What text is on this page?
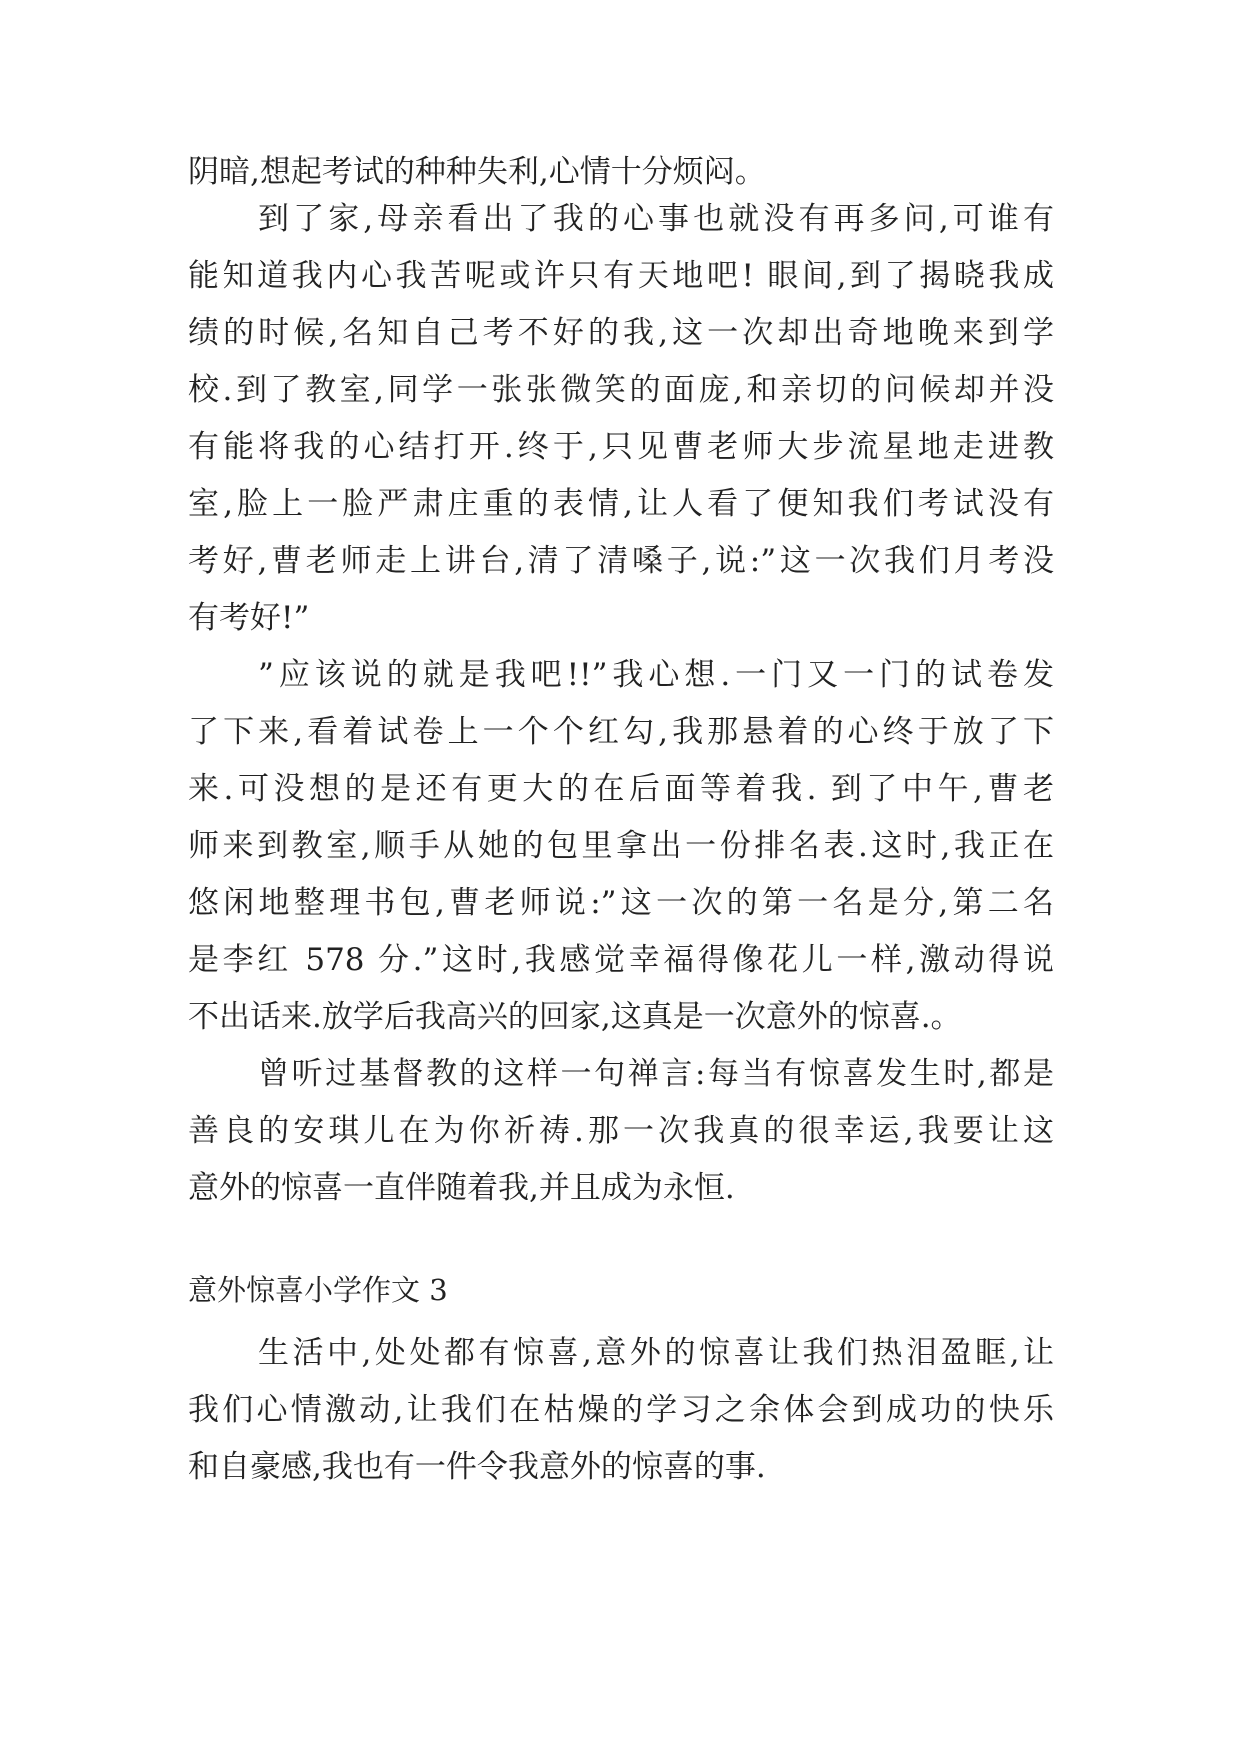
阴暗,想起考试的种种失利,心情十分烦闷。
到了家,母亲看出了我的心事也就没有再多问,可谁有
能知道我内心我苦呢或许只有天地吧! 眼间,到了揭晓我成
绩的时候,名知自己考不好的我,这一次却出奇地晚来到学
校.到了教室,同学一张张微笑的面庞,和亲切的问候却并没
有能将我的心结打开.终于,只见曹老师大步流星地走进教
室,脸上一脸严肃庄重的表情,让人看了便知我们考试没有
考好,曹老师走上讲台,清了清嗓子,说:”这一次我们月考没
有考好!”
”应该说的就是我吧!!”我心想.一门又一门的试卷发
了下来,看着试卷上一个个红勾,我那悬着的心终于放了下
来.可没想的是还有更大的在后面等着我. 到了中午,曹老
师来到教室,顺手从她的包里拿出一份排名表.这时,我正在
悠闲地整理书包,曹老师说:”这一次的第一名是分,第二名
是李红 578 分.”这时,我感觉幸福得像花儿一样,激动得说
不出话来.放学后我高兴的回家,这真是一次意外的惊喜.。
曾听过基督教的这样一句禅言:每当有惊喜发生时,都是
善良的安琪儿在为你祈祷.那一次我真的很幸运,我要让这
意外的惊喜一直伴随着我,并且成为永恒.
意外惊喜小学作文 3
生活中,处处都有惊喜,意外的惊喜让我们热泪盈眶,让
我们心情激动,让我们在枯燥的学习之余体会到成功的快乐
和自豪感,我也有一件令我意外的惊喜的事.
